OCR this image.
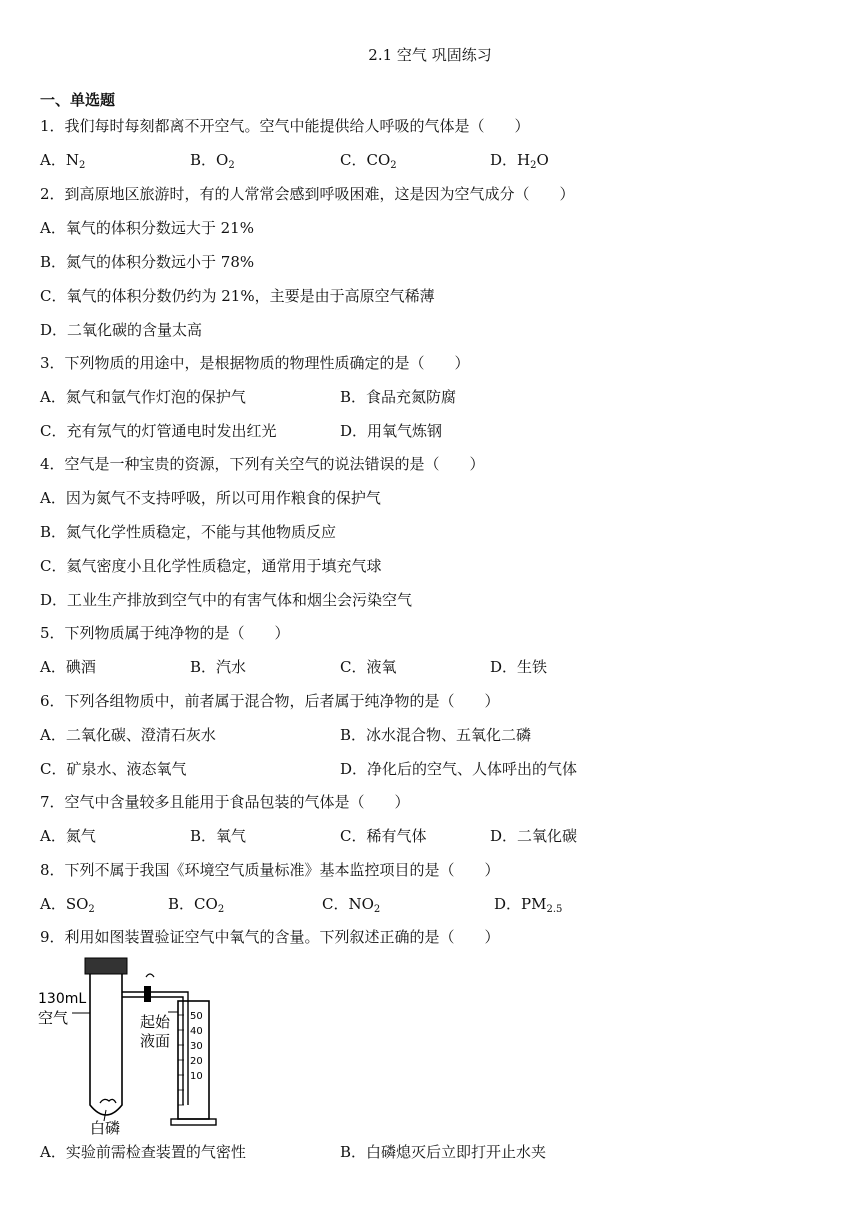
2.1 空气 巩固练习
一、单选题
1．我们每时每刻都离不开空气。空气中能提供给人呼吸的气体是（　　）
A．$N_2$	B．$O_2$	C．$CO_2$	D．$H_2O$
2．到高原地区旅游时，有的人常常会感到呼吸困难，这是因为空气成分（　　）
A．氧气的体积分数远大于 21%
B．氮气的体积分数远小于 78%
C．氧气的体积分数仍约为 21%，主要是由于高原空气稀薄
D．二氧化碳的含量太高
3．下列物质的用途中，是根据物质的物理性质确定的是（　　）
A．氮气和氩气作灯泡的保护气	B．食品充氮防腐
C．充有氖气的灯管通电时发出红光	D．用氧气炼钢
4．空气是一种宝贵的资源，下列有关空气的说法错误的是（　　）
A．因为氮气不支持呼吸，所以可用作粮食的保护气
B．氮气化学性质稳定，不能与其他物质反应
C．氦气密度小且化学性质稳定，通常用于填充气球
D．工业生产排放到空气中的有害气体和烟尘会污染空气
5．下列物质属于纯净物的是（　　）
A．碘酒	B．汽水	C．液氧	D．生铁
6．下列各组物质中，前者属于混合物，后者属于纯净物的是（　　）
A．二氧化碳、澄清石灰水	B．冰水混合物、五氧化二磷
C．矿泉水、液态氧气	D．净化后的空气、人体呼出的气体
7．空气中含量较多且能用于食品包装的气体是（　　）
A．氮气	B．氧气	C．稀有气体	D．二氧化碳
8．下列不属于我国《环境空气质量标准》基本监控项目的是（　　）
A．$SO_2$	B．$CO_2$	C．$NO_2$	D．$PM_{2.5}$
9．利用如图装置验证空气中氧气的含量。下列叙述正确的是（　　）
130mL
空气	起始
液面
50
40
30
20
10
白磷
A．实验前需检查装置的气密性	B．白磷熄灭后立即打开止水夹
